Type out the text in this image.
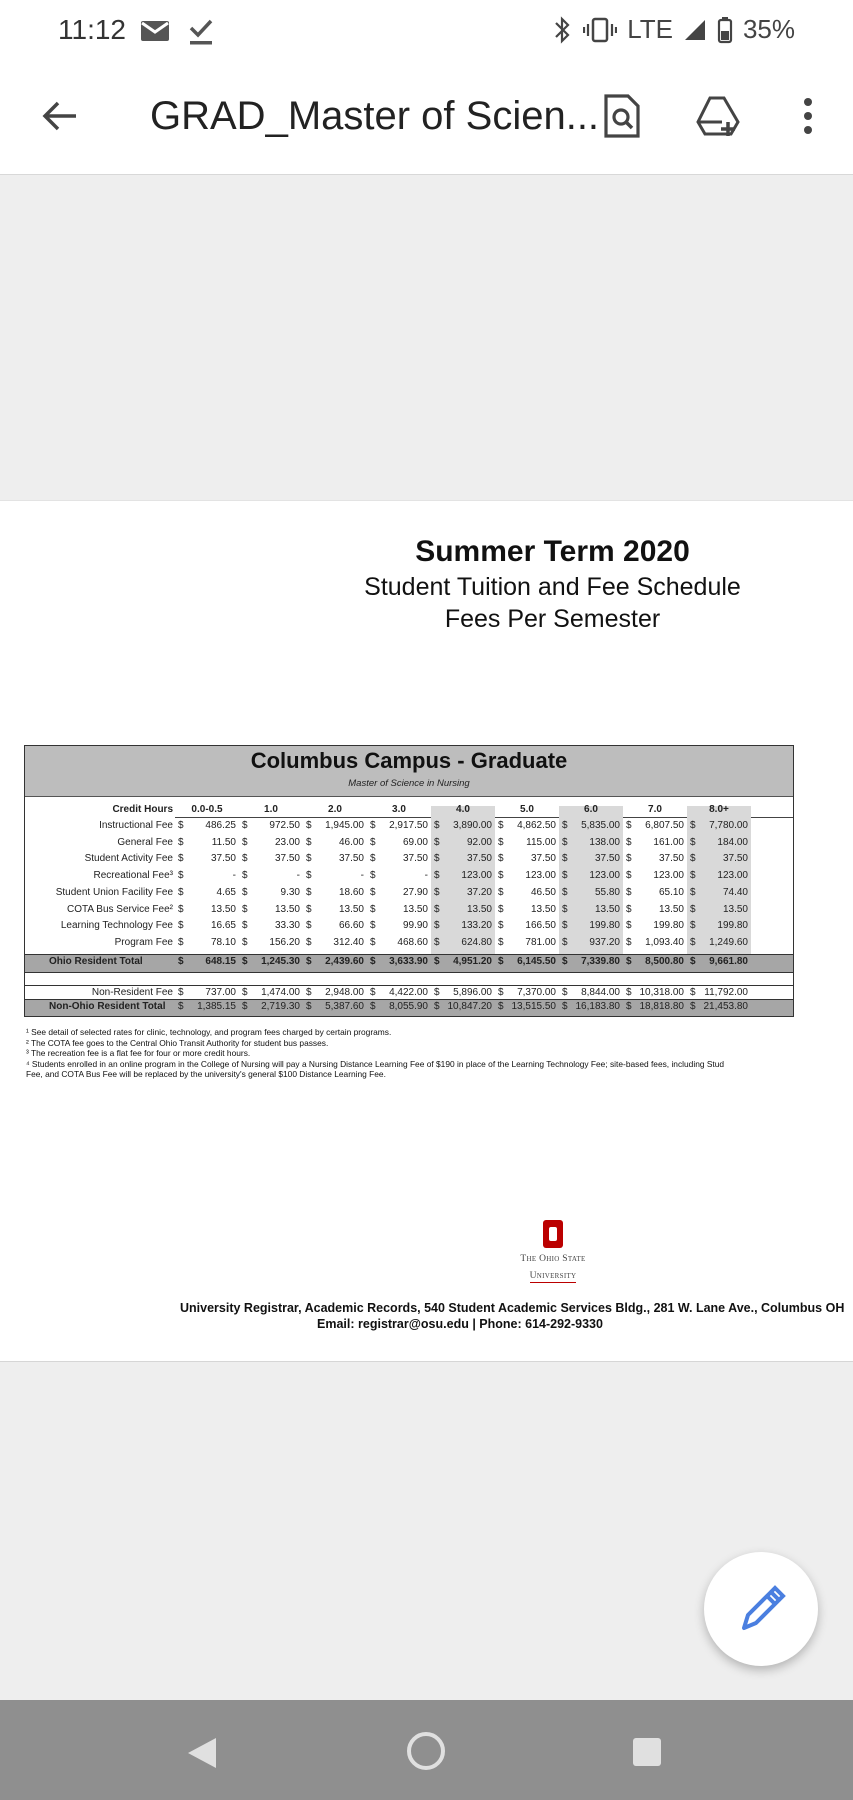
11:12	LTE	35%
GRAD_Master of Scien...
Summer Term 2020
Student Tuition and Fee Schedule
Fees Per Semester
Columbus Campus - Graduate
Master of Science in Nursing
Credit Hours	0.0-0.5	1.0	2.0	3.0	4.0	5.0	6.0	7.0	8.0+
Instructional Fee $ 486.25 $ 972.50 $ 1,945.00 $ 2,917.50 $ 3,890.00 $ 4,862.50 $ 5,835.00 $ 6,807.50 $ 7,780.00
General Fee $	11.50 $	23.00 $	46.00 $	69.00 $	92.00 $ 115.00 $ 138.00 $ 161.00 $ 184.00
Student Activity Fee $	37.50 $	37.50 $	37.50 $	37.50 $	37.50 $	37.50 $	37.50 $	37.50 $	37.50
Recreational Fee³ $	- $	- $	- $	- $ 123.00 $ 123.00 $ 123.00 $ 123.00 $ 123.00
Student Union Facility Fee $	4.65 $	9.30 $	18.60 $	27.90 $	37.20 $	46.50 $	55.80 $	65.10 $	74.40
COTA Bus Service Fee² $	13.50 $	13.50 $	13.50 $	13.50 $	13.50 $	13.50 $	13.50 $	13.50 $	13.50
Learning Technology Fee $	16.65 $	33.30 $	66.60 $	99.90 $ 133.20 $ 166.50 $ 199.80 $ 199.80 $ 199.80
Program Fee $	78.10 $ 156.20 $ 312.40 $ 468.60 $ 624.80 $ 781.00 $ 937.20 $ 1,093.40 $ 1,249.60
Ohio Resident Total	$ 648.15 $ 1,245.30 $ 2,439.60 $ 3,633.90 $ 4,951.20 $ 6,145.50 $ 7,339.80 $ 8,500.80 $ 9,661.80
Non-Resident Fee $ 737.00 $ 1,474.00 $ 2,948.00 $ 4,422.00 $ 5,896.00 $ 7,370.00 $ 8,844.00 $ 10,318.00 $ 11,792.00
Non-Ohio Resident Total	$ 1,385.15 $ 2,719.30 $ 5,387.60 $ 8,055.90 $ 10,847.20 $ 13,515.50 $ 16,183.80 $ 18,818.80 $ 21,453.80
¹ See detail of selected rates for clinic, technology, and program fees charged by certain programs.
² The COTA fee goes to the Central Ohio Transit Authority for student bus passes.
³ The recreation fee is a flat fee for four or more credit hours.
⁴ Students enrolled in an online program in the College of Nursing will pay a Nursing Distance Learning Fee of $190 in place of the Learning Technology Fee; site-based fees, including Stud
Fee, and COTA Bus Fee will be replaced by the university's general $100 Distance Learning Fee.
The Ohio State
University
University Registrar, Academic Records, 540 Student Academic Services Bldg., 281 W. Lane Ave., Columbus OH
Email: registrar@osu.edu | Phone: 614-292-9330
